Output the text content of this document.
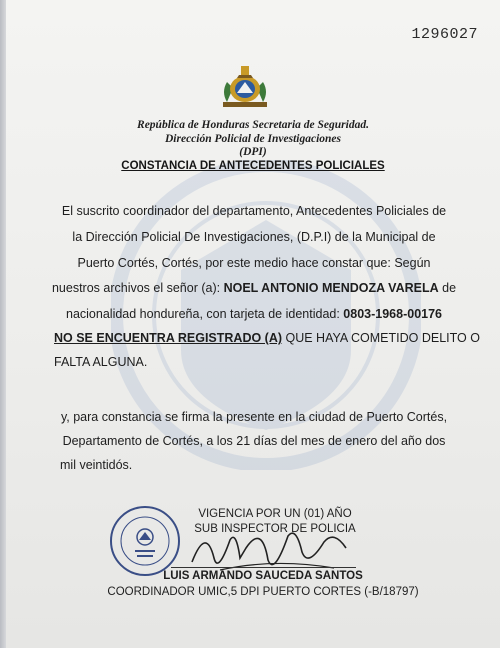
1296027
República de Honduras Secretaria de Seguridad.
Dirección Policial de Investigaciones
(DPI)
CONSTANCIA DE ANTECEDENTES POLICIALES
El suscrito coordinador del departamento, Antecedentes Policiales de
la Dirección Policial De Investigaciones, (D.P.I) de la Municipal de
Puerto Cortés, Cortés, por este medio hace constar que: Según
nuestros archivos el señor (a): NOEL ANTONIO MENDOZA VARELA de
nacionalidad hondureña, con tarjeta de identidad: 0803-1968-00176
NO SE ENCUENTRA REGISTRADO (A) QUE HAYA COMETIDO DELITO O
FALTA ALGUNA.
y, para constancia se firma la presente en la ciudad de Puerto Cortés,
Departamento de Cortés, a los 21 días del mes de enero del año dos
mil veintidós.
VIGENCIA POR UN (01) AÑO
SUB INSPECTOR DE POLICIA
LUIS ARMANDO SAUCEDA SANTOS
COORDINADOR UMIC,5 DPI PUERTO CORTES (-B/18797)
